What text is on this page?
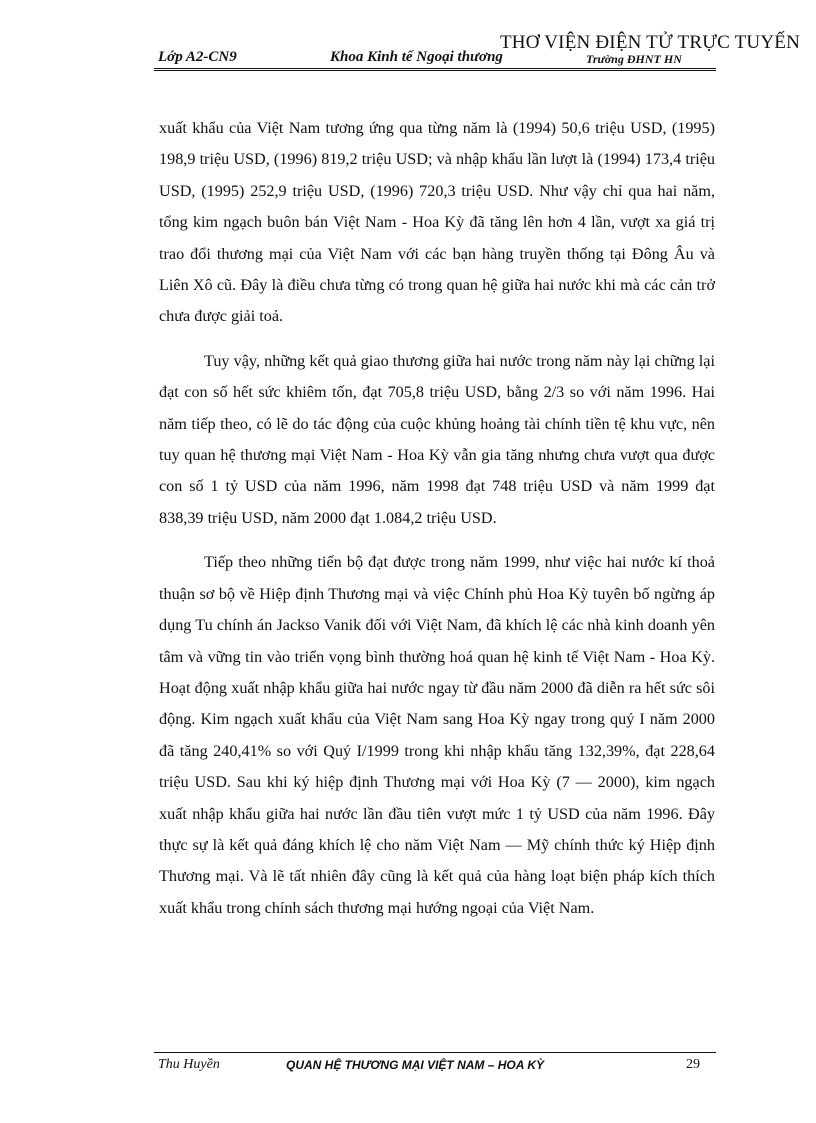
THƠ VIỆN ĐIỆN TỬ TRỰC TUYẾN
Lớp A2-CN9	Khoa Kinh tế Ngoại thương	Trường ĐHNT HN

xuất khẩu của Việt Nam tương ứng qua từng năm là (1994) 50,6 triệu USD, (1995) 198,9 triệu USD, (1996) 819,2 triệu USD; và nhập khẩu lần lượt là (1994) 173,4 triệu USD, (1995) 252,9 triệu USD, (1996) 720,3 triệu USD. Như vậy chỉ qua hai năm, tổng kim ngạch buôn bán Việt Nam - Hoa Kỳ đã tăng lên hơn 4 lần, vượt xa giá trị trao đổi thương mại của Việt Nam với các bạn hàng truyền thống tại Đông Âu và Liên Xô cũ. Đây là điều chưa từng có trong quan hệ giữa hai nước khi mà các cản trở chưa được giải toả.

Tuy vậy, những kết quả giao thương giữa hai nước trong năm này lại chững lại đạt con số hết sức khiêm tốn, đạt 705,8 triệu USD, bằng 2/3 so với năm 1996. Hai năm tiếp theo, có lẽ do tác động của cuộc khủng hoảng tài chính tiền tệ khu vực, nên tuy quan hệ thương mại Việt Nam - Hoa Kỳ vẫn gia tăng nhưng chưa vượt qua được con số 1 tỷ USD của năm 1996, năm 1998 đạt 748 triệu USD và năm 1999 đạt 838,39 triệu USD, năm 2000 đạt 1.084,2 triệu USD.

Tiếp theo những tiến bộ đạt được trong năm 1999, như việc hai nước kí thoả thuận sơ bộ về Hiệp định Thương mại và việc Chính phủ Hoa Kỳ tuyên bố ngừng áp dụng Tu chính án Jackso Vanik đối với Việt Nam, đã khích lệ các nhà kinh doanh yên tâm và vững tin vào triển vọng bình thường hoá quan hệ kinh tế Việt Nam - Hoa Kỳ. Hoạt động xuất nhập khẩu giữa hai nước ngay từ đầu năm 2000 đã diễn ra hết sức sôi động. Kim ngạch xuất khẩu của Việt Nam sang Hoa Kỳ ngay trong quý I năm 2000 đã tăng 240,41% so với Quý I/1999 trong khi nhập khẩu tăng 132,39%, đạt 228,64 triệu USD. Sau khi ký hiệp định Thương mại với Hoa Kỳ (7 — 2000), kim ngạch xuất nhập khẩu giữa hai nước lần đầu tiên vượt mức 1 tỷ USD của năm 1996. Đây thực sự là kết quả đáng khích lệ cho năm Việt Nam — Mỹ chính thức ký Hiệp định Thương mại. Và lẽ tất nhiên đây cũng là kết quả của hàng loạt biện pháp kích thích xuất khẩu trong chính sách thương mại hướng ngoại của Việt Nam.

Thu Huyền	QUAN HỆ THƯƠNG MẠI VIỆT NAM – HOA KỲ	29
